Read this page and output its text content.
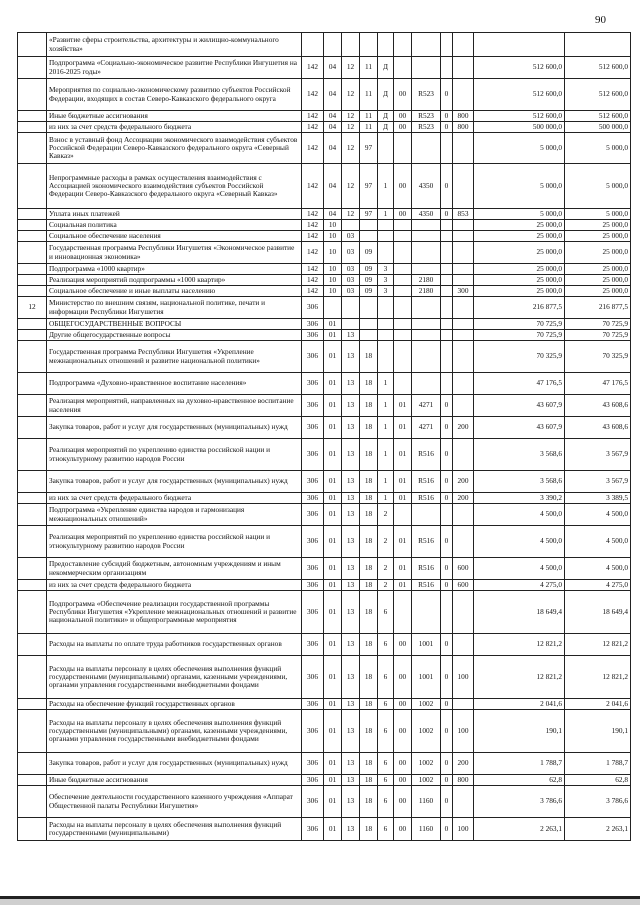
90
	«Развитие сферы строительства, архитектуры и жилищно-коммунального хозяйства»											
	Подпрограмма «Социально-экономическое развитие Республики Ингушетия на 2016-2025 годы»	142	04	12	11	Д					512 600,0	512 600,0
	Мероприятия по социально-экономическому развитию субъектов Российской Федерации, входящих в состав Северо-Кавказского федерального округа	142	04	12	11	Д	00	R523	0		512 600,0	512 600,0
	Иные бюджетные ассигнования	142	04	12	11	Д	00	R523	0	800	512 600,0	512 600,0
	из них за счет средств федерального бюджета	142	04	12	11	Д	00	R523	0	800	500 000,0	500 000,0
	Взнос в уставный фонд Ассоциации экономического взаимодействия субъектов Российской Федерации Северо-Кавказского федерального округа «Северный Кавказ»	142	04	12	97						5 000,0	5 000,0
	Непрограммные расходы в рамках осуществления взаимодействия с Ассоциацией экономического взаимодействия субъектов Российской Федерации Северо-Кавказского федерального округа «Северный Кавказ»	142	04	12	97	1	00	4350	0		5 000,0	5 000,0
	Уплата иных платежей	142	04	12	97	1	00	4350	0	853	5 000,0	5 000,0
	Социальная политика	142	10								25 000,0	25 000,0
	Социальное обеспечение населения	142	10	03							25 000,0	25 000,0
	Государственная программа Республики Ингушетия «Экономическое развитие и инновационная экономика»	142	10	03	09						25 000,0	25 000,0
	Подпрограмма «1000 квартир»	142	10	03	09	3					25 000,0	25 000,0
	Реализация мероприятий подпрограммы «1000 квартир»	142	10	03	09	3		2180			25 000,0	25 000,0
	Социальное обеспечение и иные выплаты населению	142	10	03	09	3		2180		300	25 000,0	25 000,0
12	Министерство по внешним связям, национальной политике, печати и информации Республики Ингушетия	306									216 877,5	216 877,5
	ОБЩЕГОСУДАРСТВЕННЫЕ ВОПРОСЫ	306	01								70 725,9	70 725,9
	Другие общегосударственные вопросы	306	01	13							70 725,9	70 725,9
	Государственная программа Республики Ингушетия «Укрепление межнациональных отношений и развитие национальной политики»	306	01	13	18						70 325,9	70 325,9
	Подпрограмма «Духовно-нравственное воспитание населения»	306	01	13	18	1					47 176,5	47 176,5
	Реализация мероприятий, направленных на духовно-нравственное воспитание населения	306	01	13	18	1	01	4271	0		43 607,9	43 608,6
	Закупка товаров, работ и услуг для государственных (муниципальных) нужд	306	01	13	18	1	01	4271	0	200	43 607,9	43 608,6
	Реализация мероприятий по укреплению единства российской нации и этнокультурному развитию народов России	306	01	13	18	1	01	R516	0		3 568,6	3 567,9
	Закупка товаров, работ и услуг для государственных (муниципальных) нужд	306	01	13	18	1	01	R516	0	200	3 568,6	3 567,9
	из них за счет средств федерального бюджета	306	01	13	18	1	01	R516	0	200	3 390,2	3 389,5
	Подпрограмма «Укрепление единства народов и гармонизация межнациональных отношений»	306	01	13	18	2					4 500,0	4 500,0
	Реализация мероприятий по укреплению единства российской нации и этнокультурному развитию народов России	306	01	13	18	2	01	R516	0		4 500,0	4 500,0
	Предоставление субсидий бюджетным, автономным учреждениям и иным некоммерческим организациям	306	01	13	18	2	01	R516	0	600	4 500,0	4 500,0
	из них за счет средств федерального бюджета	306	01	13	18	2	01	R516	0	600	4 275,0	4 275,0
	Подпрограмма «Обеспечение реализации государственной программы Республики Ингушетия «Укрепление межнациональных отношений и развитие национальной политики» и общепрограммные мероприятия	306	01	13	18	6					18 649,4	18 649,4
	Расходы на выплаты по оплате труда работников государственных органов	306	01	13	18	6	00	1001	0		12 821,2	12 821,2
	Расходы на выплаты персоналу в целях обеспечения выполнения функций государственными (муниципальными) органами, казенными учреждениями, органами управления государственными внебюджетными фондами	306	01	13	18	6	00	1001	0	100	12 821,2	12 821,2
	Расходы на обеспечение функций государственных органов	306	01	13	18	6	00	1002	0		2 041,6	2 041,6
	Расходы на выплаты персоналу в целях обеспечения выполнения функций государственными (муниципальными) органами, казенными учреждениями, органами управления государственными внебюджетными фондами	306	01	13	18	6	00	1002	0	100	190,1	190,1
	Закупка товаров, работ и услуг для государственных (муниципальных) нужд	306	01	13	18	6	00	1002	0	200	1 788,7	1 788,7
	Иные бюджетные ассигнования	306	01	13	18	6	00	1002	0	800	62,8	62,8
	Обеспечение деятельности государственного казенного учреждения «Аппарат Общественной палаты Республики Ингушетия»	306	01	13	18	6	00	1160	0		3 786,6	3 786,6
	Расходы на выплаты персоналу в целях обеспечения выполнения функций государственными (муниципальными)	306	01	13	18	6	00	1160	0	100	2 263,1	2 263,1
